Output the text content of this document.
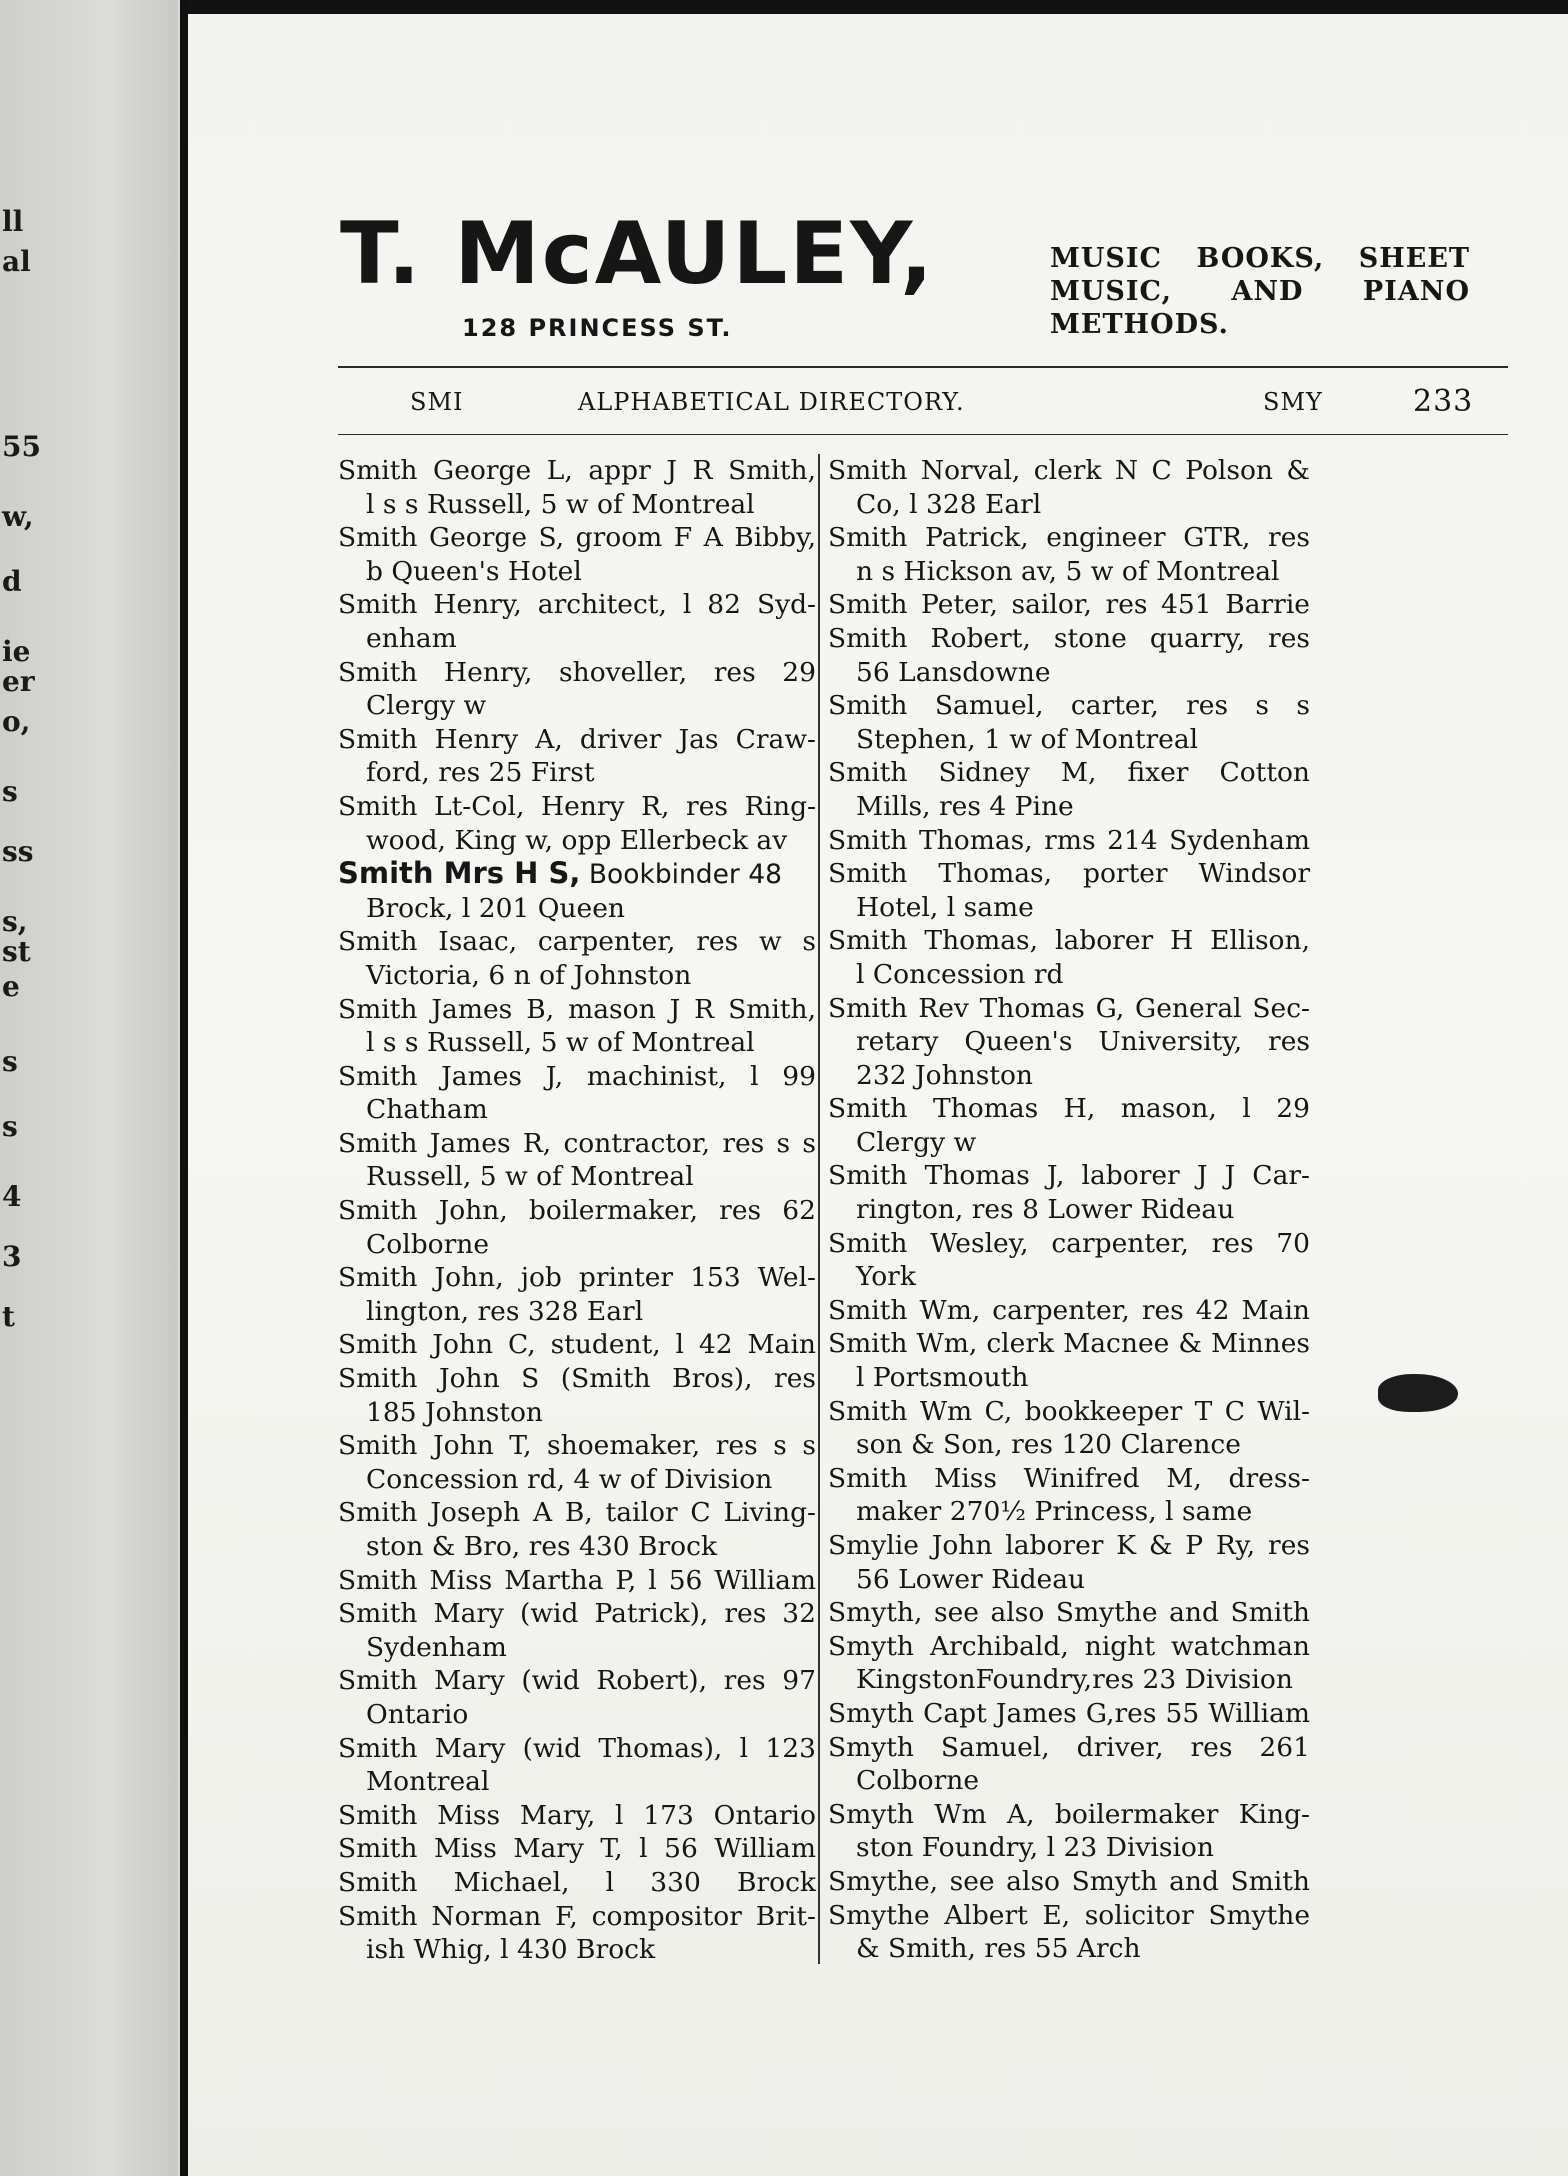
ll
al
55
w,
d
ie
er
o,
s
ss
s,
st
e
s
s
4
3
t
T. McAULEY,
128 PRINCESS ST.
MUSIC BOOKS, SHEET
MUSIC, AND PIANO
METHODS.
SMI	ALPHABETICAL DIRECTORY.	SMY	233
Smith George L, appr J R Smith,
l s s Russell, 5 w of Montreal
Smith George S, groom F A Bibby,
b Queen's Hotel
Smith Henry, architect, l 82 Syd-
enham
Smith Henry, shoveller, res 29
Clergy w
Smith Henry A, driver Jas Craw-
ford, res 25 First
Smith Lt-Col, Henry R, res Ring-
wood, King w, opp Ellerbeck av
Smith Mrs H S, Bookbinder 48
Brock, l 201 Queen
Smith Isaac, carpenter, res w s
Victoria, 6 n of Johnston
Smith James B, mason J R Smith,
l s s Russell, 5 w of Montreal
Smith James J, machinist, l 99
Chatham
Smith James R, contractor, res s s
Russell, 5 w of Montreal
Smith John, boilermaker, res 62
Colborne
Smith John, job printer 153 Wel-
lington, res 328 Earl
Smith John C, student, l 42 Main
Smith John S (Smith Bros), res
185 Johnston
Smith John T, shoemaker, res s s
Concession rd, 4 w of Division
Smith Joseph A B, tailor C Living-
ston & Bro, res 430 Brock
Smith Miss Martha P, l 56 William
Smith Mary (wid Patrick), res 32
Sydenham
Smith Mary (wid Robert), res 97
Ontario
Smith Mary (wid Thomas), l 123
Montreal
Smith Miss Mary, l 173 Ontario
Smith Miss Mary T, l 56 William
Smith Michael, l 330 Brock
Smith Norman F, compositor Brit-
ish Whig, l 430 Brock
Smith Norval, clerk N C Polson &
Co, l 328 Earl
Smith Patrick, engineer GTR, res
n s Hickson av, 5 w of Montreal
Smith Peter, sailor, res 451 Barrie
Smith Robert, stone quarry, res
56 Lansdowne
Smith Samuel, carter, res s s
Stephen, 1 w of Montreal
Smith Sidney M, fixer Cotton
Mills, res 4 Pine
Smith Thomas, rms 214 Sydenham
Smith Thomas, porter Windsor
Hotel, l same
Smith Thomas, laborer H Ellison,
l Concession rd
Smith Rev Thomas G, General Sec-
retary Queen's University, res
232 Johnston
Smith Thomas H, mason, l 29
Clergy w
Smith Thomas J, laborer J J Car-
rington, res 8 Lower Rideau
Smith Wesley, carpenter, res 70
York
Smith Wm, carpenter, res 42 Main
Smith Wm, clerk Macnee & Minnes
l Portsmouth
Smith Wm C, bookkeeper T C Wil-
son & Son, res 120 Clarence
Smith Miss Winifred M, dress-
maker 270½ Princess, l same
Smylie John laborer K & P Ry, res
56 Lower Rideau
Smyth, see also Smythe and Smith
Smyth Archibald, night watchman
KingstonFoundry,res 23 Division
Smyth Capt James G,res 55 William
Smyth Samuel, driver, res 261
Colborne
Smyth Wm A, boilermaker King-
ston Foundry, l 23 Division
Smythe, see also Smyth and Smith
Smythe Albert E, solicitor Smythe
& Smith, res 55 Arch
